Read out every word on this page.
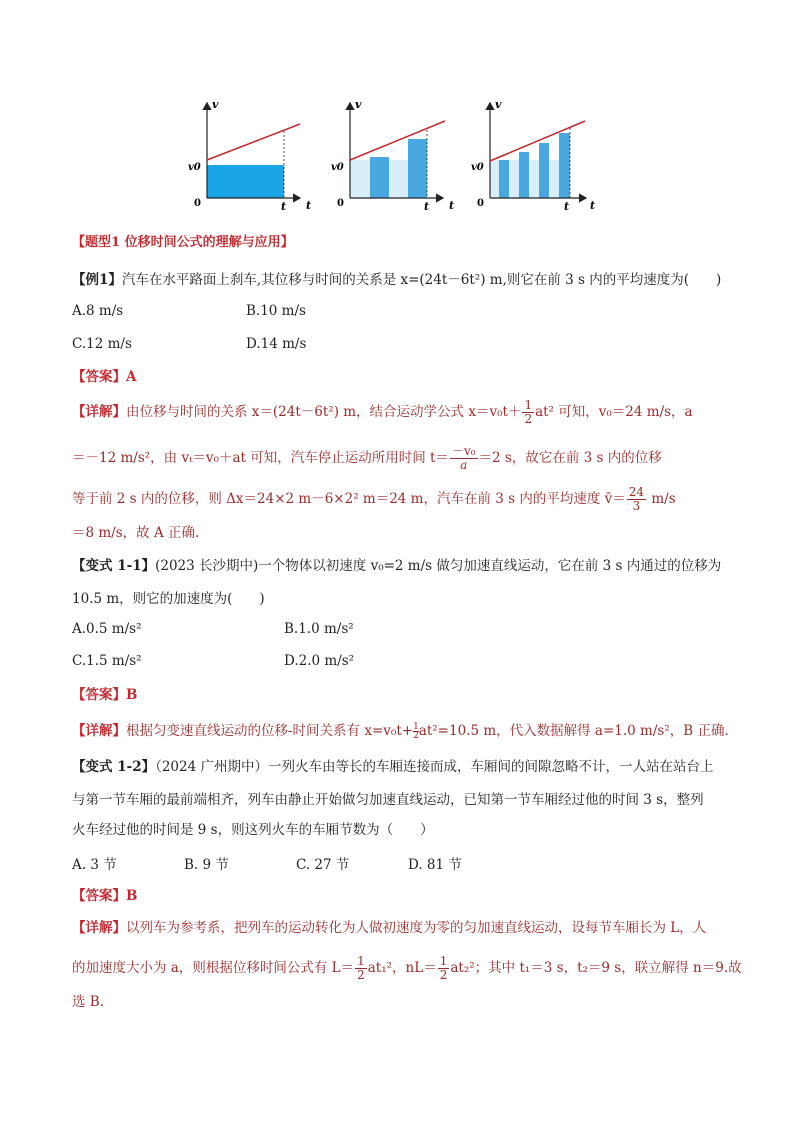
v
t
v0
0	t
v
t
v0
0	t
v
t
v0
0	t
【题型1 位移时间公式的理解与应用】
【例1】汽车在水平路面上刹车,其位移与时间的关系是 x=(24t－6t²) m,则它在前 3 s 内的平均速度为(　　)
A.8 m/s	B.10 m/s
C.12 m/s	D.14 m/s
【答案】A
【详解】由位移与时间的关系 x＝(24t－6t²) m，结合运动学公式 $x=v_0t+ \frac{1}{2} at^2$ 可知，v₀＝24 m/s，a
＝－12 m/s²，由 vₜ＝v₀＋at 可知，汽车停止运动所用时间 $t= \frac{\text{－v₀}}{a} =2$ s，故它在前 3 s 内的位移
等于前 2 s 内的位移，则 Δx＝24×2 m－6×2² m＝24 m，汽车在前 3 s 内的平均速度 v̄＝ $\frac{24}{3} m/s$
＝8 m/s，故 A 正确.
【变式 1-1】(2023 长沙期中)一个物体以初速度 v₀=2 m/s 做匀加速直线运动，它在前 3 s 内通过的位移为
10.5 m，则它的加速度为(　　)
A.0.5 m/s²	B.1.0 m/s²
C.1.5 m/s²	D.2.0 m/s²
【答案】B
【详解】根据匀变速直线运动的位移-时间关系有 $x=v_0t+ \frac{1}{2}at^2=10.5$ m，代入数据解得 a=1.0 m/s²，B 正确.
【变式 1-2】（2024 广州期中）一列火车由等长的车厢连接而成，车厢间的间隙忽略不计，一人站在站台上
与第一节车厢的最前端相齐，列车由静止开始做匀加速直线运动，已知第一节车厢经过他的时间 3 s，整列
火车经过他的时间是 9 s，则这列火车的车厢节数为（　　）
A. 3 节	B. 9 节	C. 27 节	D. 81 节
【答案】B
【详解】以列车为参考系，把列车的运动转化为人做初速度为零的匀加速直线运动，设每节车厢长为 L，人
的加速度大小为 a，则根据位移时间公式有 $L= \frac{1}{2} at_1^2$，$nL= \frac{1}{2} at_2^2$；其中 t₁＝3 s，t₂＝9 s，联立解得 n＝9.故
选 B.
